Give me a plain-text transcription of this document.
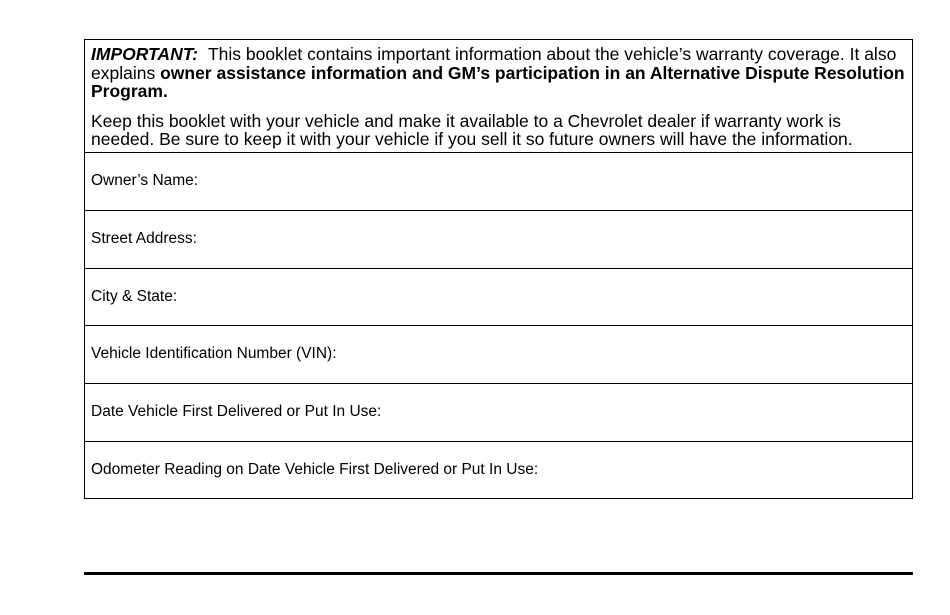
IMPORTANT: This booklet contains important information about the vehicle’s warranty coverage. It also explains owner assistance information and GM’s participation in an Alternative Dispute Resolution Program.

Keep this booklet with your vehicle and make it available to a Chevrolet dealer if warranty work is needed. Be sure to keep it with your vehicle if you sell it so future owners will have the information.

Owner’s Name:
Street Address:
City & State:
Vehicle Identification Number (VIN):
Date Vehicle First Delivered or Put In Use:
Odometer Reading on Date Vehicle First Delivered or Put In Use:
